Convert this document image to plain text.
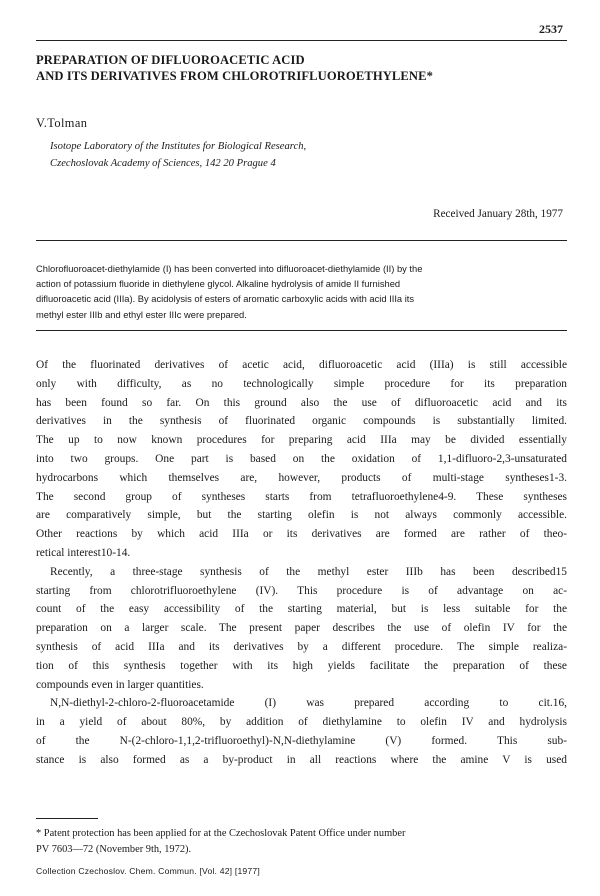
2537
PREPARATION OF DIFLUOROACETIC ACID
AND ITS DERIVATIVES FROM CHLOROTRIFLUOROETHYLENE*
V.Tolman
Isotope Laboratory of the Institutes for Biological Research,
Czechoslovak Academy of Sciences, 142 20 Prague 4
Received January 28th, 1977
Chlorofluoroacet-diethylamide (I) has been converted into difluoroacet-diethylamide (II) by the
action of potassium fluoride in diethylene glycol. Alkaline hydrolysis of amide II furnished
difluoroacetic acid (IIIa). By acidolysis of esters of aromatic carboxylic acids with acid IIIa its
methyl ester IIIb and ethyl ester IIIc were prepared.
Of the fluorinated derivatives of acetic acid, difluoroacetic acid (IIIa) is still accessible
only with difficulty, as no technologically simple procedure for its preparation
has been found so far. On this ground also the use of difluoroacetic acid and its
derivatives in the synthesis of fluorinated organic compounds is substantially limited.
The up to now known procedures for preparing acid IIIa may be divided essentially
into two groups. One part is based on the oxidation of 1,1-difluoro-2,3-unsaturated
hydrocarbons which themselves are, however, products of multi-stage syntheses1-3.
The second group of syntheses starts from tetrafluoroethylene4-9. These syntheses
are comparatively simple, but the starting olefin is not always commonly accessible.
Other reactions by which acid IIIa or its derivatives are formed are rather of theo-
retical interest10-14.
Recently, a three-stage synthesis of the methyl ester IIIb has been described15
starting from chlorotrifluoroethylene (IV). This procedure is of advantage on ac-
count of the easy accessibility of the starting material, but is less suitable for the
preparation on a larger scale. The present paper describes the use of olefin IV for the
synthesis of acid IIIa and its derivatives by a different procedure. The simple realiza-
tion of this synthesis together with its high yields facilitate the preparation of these
compounds even in larger quantities.
N,N-diethyl-2-chloro-2-fluoroacetamide (I) was prepared according to cit.16,
in a yield of about 80%, by addition of diethylamine to olefin IV and hydrolysis
of the N-(2-chloro-1,1,2-trifluoroethyl)-N,N-diethylamine (V) formed. This sub-
stance is also formed as a by-product in all reactions where the amine V is used
* Patent protection has been applied for at the Czechoslovak Patent Office under number
PV 7603—72 (November 9th, 1972).
Collection Czechoslov. Chem. Commun. [Vol. 42] [1977]
